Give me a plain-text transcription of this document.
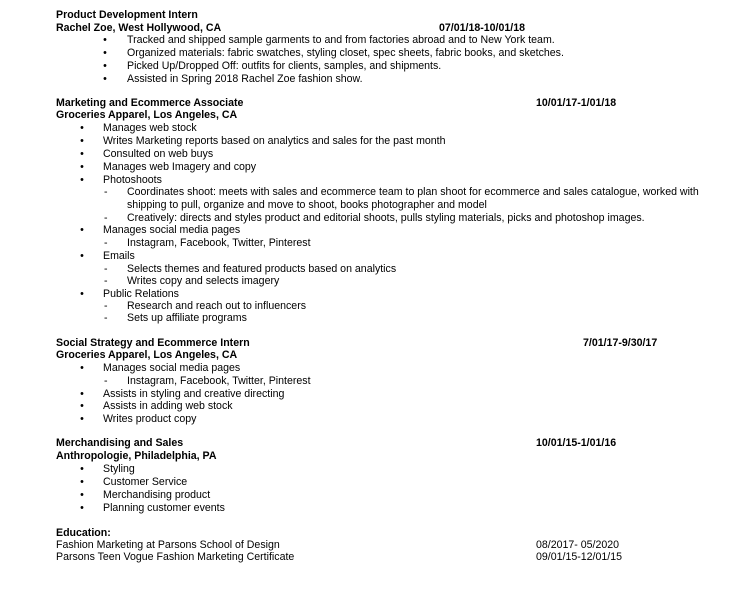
Product Development Intern
Rachel Zoe, West Hollywood, CA	07/01/18-10/01/18
• Tracked and shipped sample garments to and from factories abroad and to New York team.
• Organized materials: fabric swatches, styling closet, spec sheets, fabric books, and sketches.
• Picked Up/Dropped Off: outfits for clients, samples, and shipments.
• Assisted in Spring 2018 Rachel Zoe fashion show.
Marketing and Ecommerce Associate	10/01/17-1/01/18
Groceries Apparel, Los Angeles, CA
• Manages web stock
• Writes Marketing reports based on analytics and sales for the past month
• Consulted on web buys
• Manages web Imagery and copy
• Photoshoots
- Coordinates shoot: meets with sales and ecommerce team to plan shoot for ecommerce and sales catalogue, worked with
shipping to pull, organize and move to shoot, books photographer and model
- Creatively: directs and styles product and editorial shoots, pulls styling materials, picks and photoshop images.
• Manages social media pages
- Instagram, Facebook, Twitter, Pinterest
• Emails
- Selects themes and featured products based on analytics
- Writes copy and selects imagery
• Public Relations
- Research and reach out to influencers
- Sets up affiliate programs
Social Strategy and Ecommerce Intern	7/01/17-9/30/17
Groceries Apparel, Los Angeles, CA
• Manages social media pages
- Instagram, Facebook, Twitter, Pinterest
• Assists in styling and creative directing
• Assists in adding web stock
• Writes product copy
Merchandising and Sales	10/01/15-1/01/16
Anthropologie, Philadelphia, PA
• Styling
• Customer Service
• Merchandising product
• Planning customer events
Education:
Fashion Marketing at Parsons School of Design	08/2017- 05/2020
Parsons Teen Vogue Fashion Marketing Certificate	09/01/15-12/01/15
